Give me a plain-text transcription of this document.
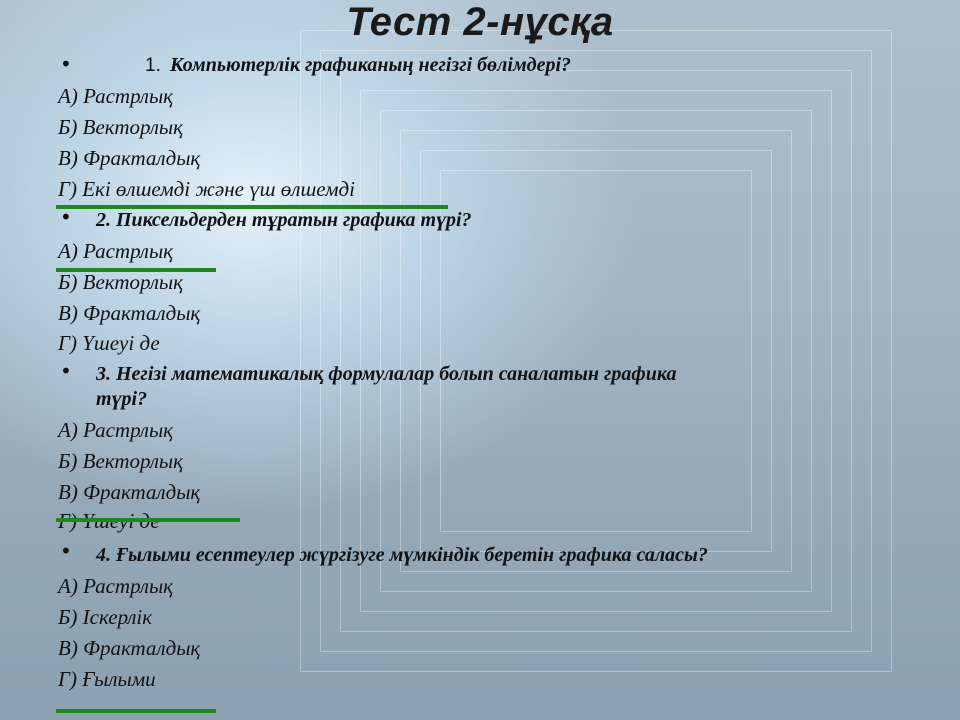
Тест 2-нұсқа
•	1. Компьютерлік графиканың негізгі бөлімдері?
А) Растрлық
Б) Векторлық
В) Фракталдық
Г) Екі өлшемді және үш өлшемді
• 2. Пиксельдерден тұратын графика түрі?
А) Растрлық
Б) Векторлық
В) Фракталдық
Г) Үшеуі де
• 3. Негізі математикалық формулалар болып саналатын графика
түрі?
А) Растрлық
Б) Векторлық
В) Фракталдық
• 4. Ғылыми есептеулер жүргізуге мүмкіндік беретін графика саласы?
А) Растрлық
Б) Іскерлік
В) Фракталдық
Г) Ғылыми
